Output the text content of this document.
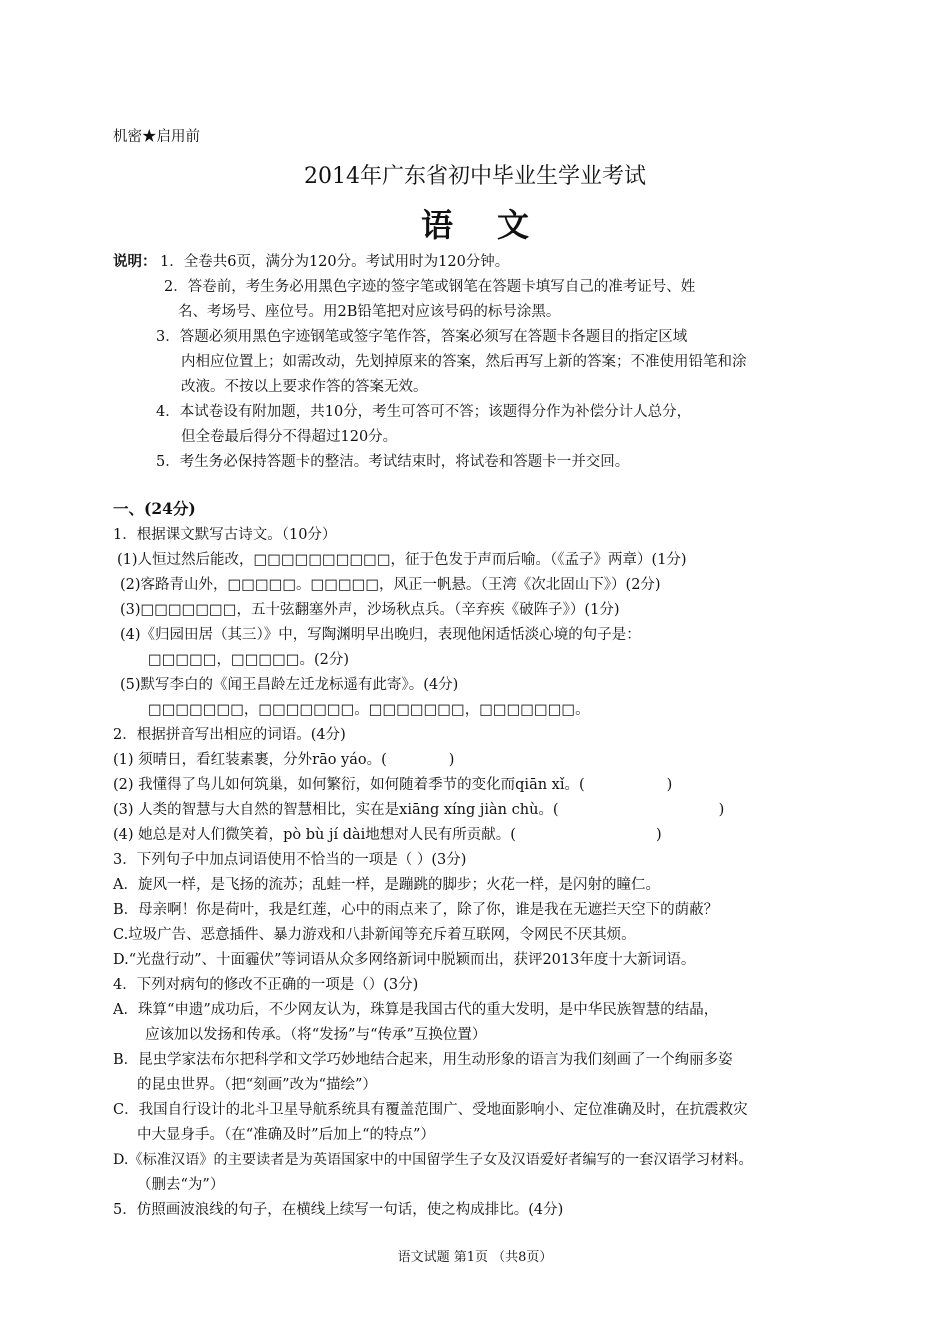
机密★启用前
2014年广东省初中毕业生学业考试
语文
说明： 1．全卷共6页，满分为120分。考试用时为120分钟。
2．答卷前，考生务必用黑色字迹的签字笔或钢笔在答题卡填写自己的准考证号、姓
名、考场号、座位号。用2B铅笔把对应该号码的标号涂黑。
3．答题必须用黑色字迹钢笔或签字笔作答，答案必须写在答题卡各题目的指定区域
内相应位置上；如需改动，先划掉原来的答案，然后再写上新的答案；不准使用铅笔和涂
改液。不按以上要求作答的答案无效。
4．本试卷设有附加题，共10分，考生可答可不答；该题得分作为补偿分计人总分，
但全卷最后得分不得超过120分。
5．考生务必保持答题卡的整洁。考试结束时，将试卷和答题卡一并交回。
一、(24分)
1．根据课文默写古诗文。（10分）
(1)人恒过然后能改，□□□□□□□□□□，征于色发于声而后喻。（《孟子》两章）(1分)
(2)客路青山外，□□□□□。□□□□□，风正一帆悬。（王湾《次北固山下》）(2分)
(3)□□□□□□□，五十弦翻塞外声，沙场秋点兵。（辛弃疾《破阵子》）(1分)
(4)《归园田居（其三）》中，写陶渊明早出晚归，表现他闲适恬淡心境的句子是：
□□□□□，□□□□□。(2分)
(5)默写李白的《闻王昌龄左迁龙标遥有此寄》。(4分)
□□□□□□□，□□□□□□□。□□□□□□□，□□□□□□□。
2．根据拼音写出相应的词语。(4分)
(1) 须晴日，看红装素裹，分外rāo yáo。(	)
(2) 我懂得了鸟儿如何筑巢，如何繁衍，如何随着季节的变化而qiān xǐ。(	)
(3) 人类的智慧与大自然的智慧相比，实在是xiāng xíng jiàn chù。(	)
(4) 她总是对人们微笑着，pò bù jí dài地想对人民有所贡献。(	)
3．下列句子中加点词语使用不恰当的一项是（ ）(3分)
A．旋风一样，是飞扬的流苏；乱蛙一样，是蹦跳的脚步；火花一样，是闪射的瞳仁。
B．母亲啊！你是荷叶，我是红莲，心中的雨点来了，除了你，谁是我在无遮拦天空下的荫蔽？
C.垃圾广告、恶意插件、暴力游戏和八卦新闻等充斥着互联网，令网民不厌其烦。
D.“光盘行动”、十面霾伏”等词语从众多网络新词中脱颖而出，获评2013年度十大新词语。
4．下列对病句的修改不正确的一项是（）(3分)
A．珠算“申遗”成功后，不少网友认为，珠算是我国古代的重大发明，是中华民族智慧的结晶，
应该加以发扬和传承。（将“发扬”与“传承”互换位置）
B．昆虫学家法布尔把科学和文学巧妙地结合起来，用生动形象的语言为我们刻画了一个绚丽多姿
的昆虫世界。（把“刻画”改为“描绘”）
C．我国自行设计的北斗卫星导航系统具有覆盖范围广、受地面影响小、定位准确及时，在抗震救灾
中大显身手。（在“准确及时”后加上“的特点”）
D.《标准汉语》的主要读者是为英语国家中的中国留学生子女及汉语爱好者编写的一套汉语学习材料。
（删去“为”）
5．仿照画波浪线的句子，在横线上续写一句话，使之构成排比。(4分)
语文试题 第1页 （共8页）
